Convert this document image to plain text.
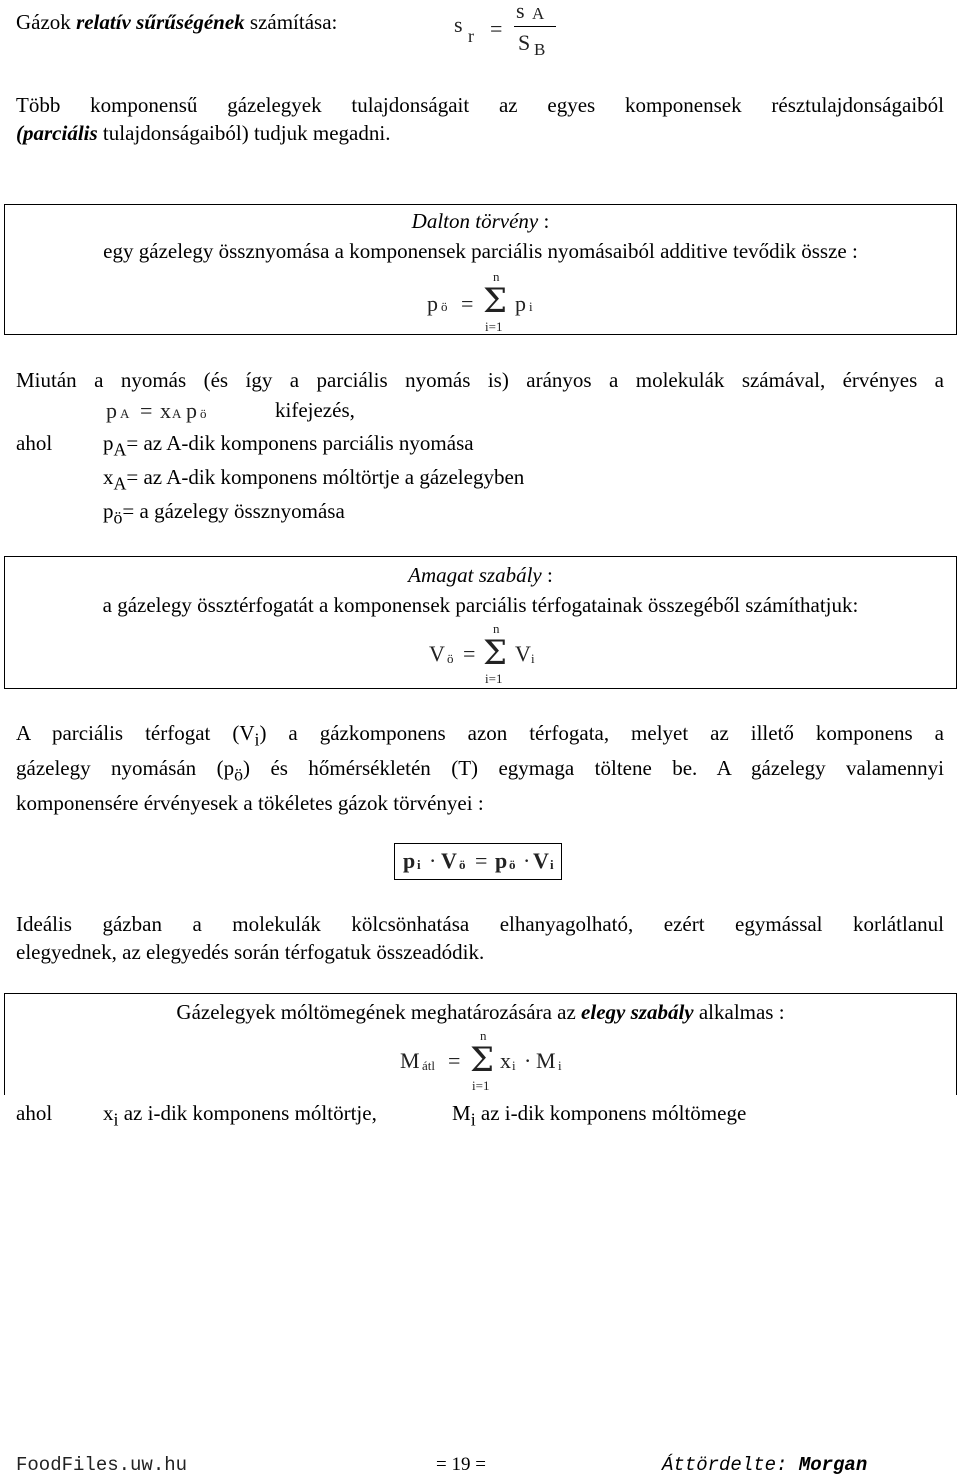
Gázok relatív sűrűségének számítása:	s r =
s A
S B
Több komponensű gázelegyek tulajdonságait az egyes komponensek résztulajdonságaiból
(parciális tulajdonságaiból) tudjuk megadni.
Dalton törvény :
egy gázelegy össznyomása a komponensek parciális nyomásaiból additive tevődik össze :
p ö =
n
Σ
i=1
p i
Miután a nyomás (és így a parciális nyomás is) arányos a molekulák számával, érvényes a
p A = x A p ö	kifejezés,
ahol pA= az A-dik komponens parciális nyomása
xA= az A-dik komponens móltörtje a gázelegyben
pö= a gázelegy össznyomása
Amagat szabály :
a gázelegy össztérfogatát a komponensek parciális térfogatainak összegéből számíthatjuk:
V ö =
n
Σ
i=1
V i
A parciális térfogat (Vi) a gázkomponens azon térfogata, melyet az illető komponens a
gázelegy nyomásán (pö) és hőmérsékletén (T) egymaga töltene be. A gázelegy valamennyi
komponensére érvényesek a tökéletes gázok törvényei :
p i · V ö = p ö · V i
Ideális gázban a molekulák kölcsönhatása elhanyagolható, ezért egymással korlátlanul
elegyednek, az elegyedés során térfogatuk összeadódik.
Gázelegyek móltömegének meghatározására az elegy szabály alkalmas :
M átl =
n
Σ
i=1
x i · M i
ahol xi az i-dik komponens móltörtje,	Mi az i-dik komponens móltömege
FoodFiles.uw.hu	= 19 =	Áttördelte: Morgan
